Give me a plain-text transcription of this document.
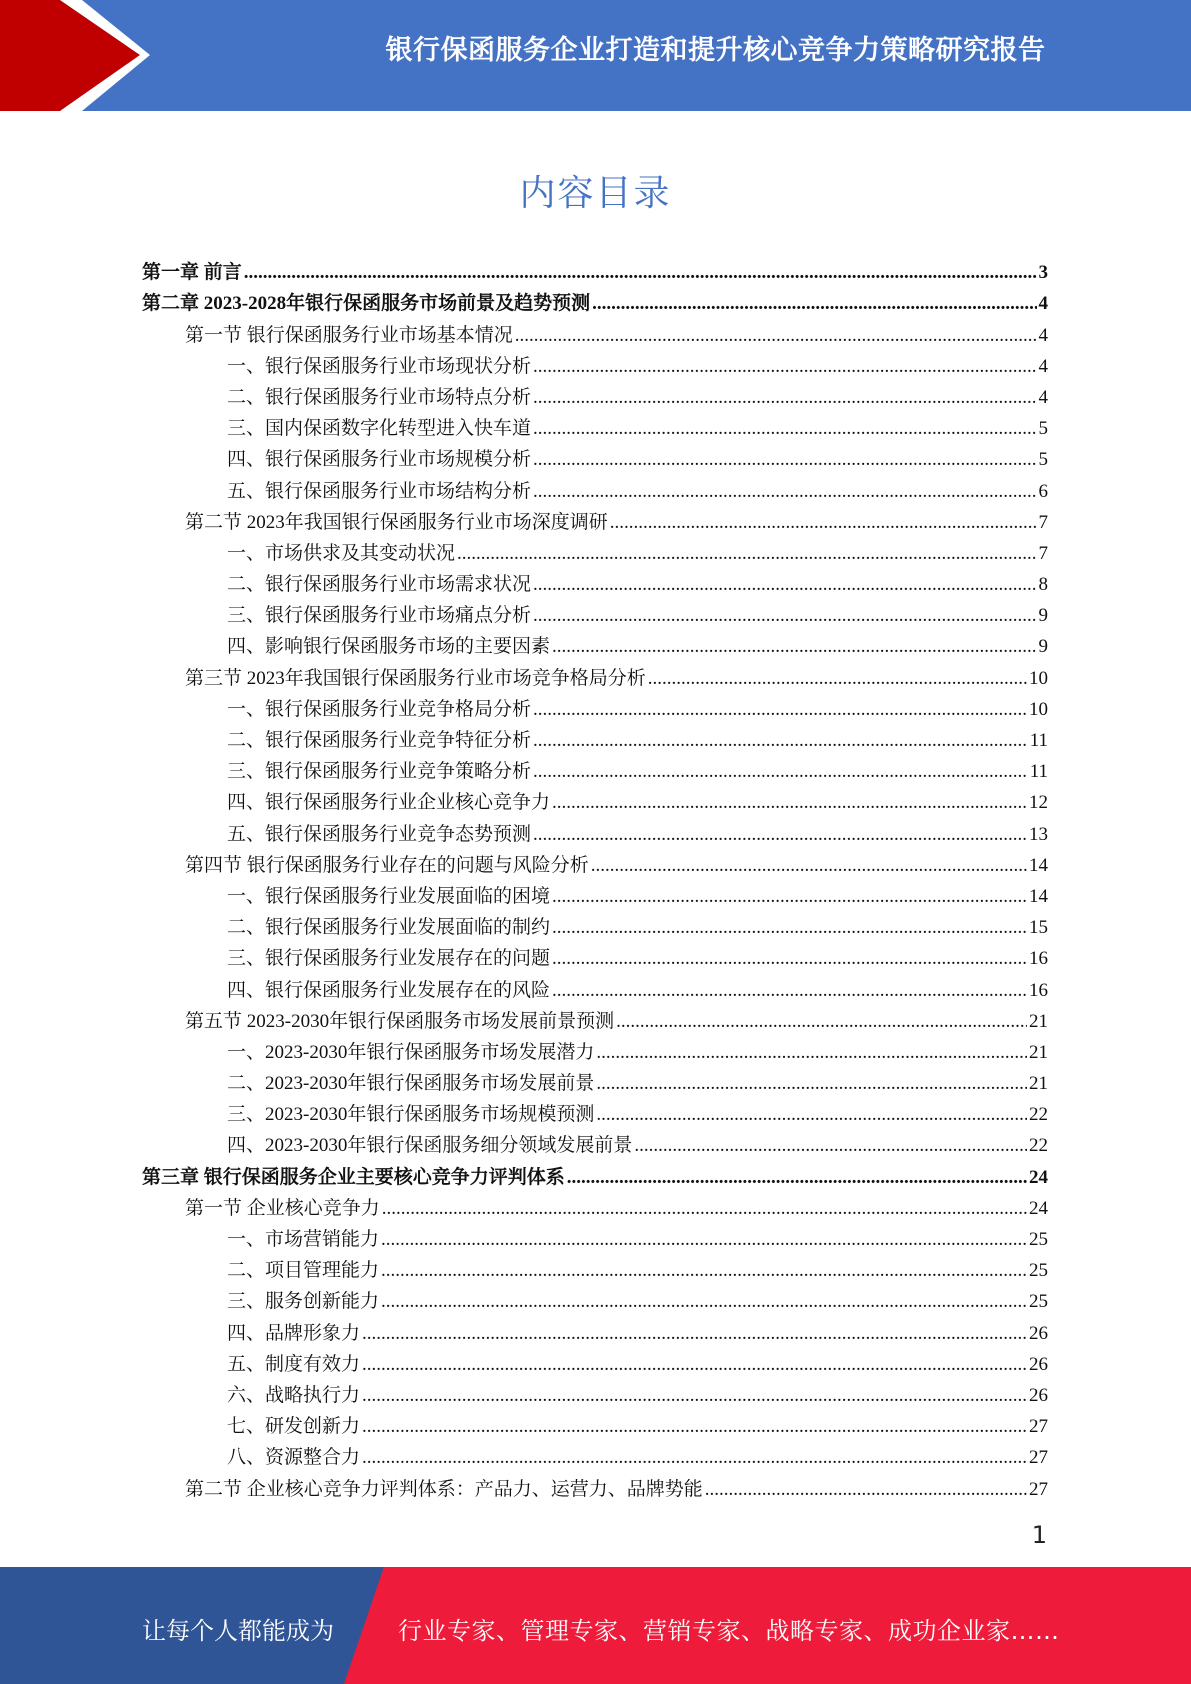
银行保函服务企业打造和提升核心竞争力策略研究报告
内容目录
第一章 前言 .....	3
第二章 2023-2028年银行保函服务市场前景及趋势预测 .....	4
第一节 银行保函服务行业市场基本情况 .....	4
一、银行保函服务行业市场现状分析 .....	4
二、银行保函服务行业市场特点分析 .....	4
三、国内保函数字化转型进入快车道 .....	5
四、银行保函服务行业市场规模分析 .....	5
五、银行保函服务行业市场结构分析 .....	6
第二节 2023年我国银行保函服务行业市场深度调研 .....	7
一、市场供求及其变动状况 .....	7
二、银行保函服务行业市场需求状况 .....	8
三、银行保函服务行业市场痛点分析 .....	9
四、影响银行保函服务市场的主要因素 .....	9
第三节 2023年我国银行保函服务行业市场竞争格局分析 .....	10
一、银行保函服务行业竞争格局分析 .....	10
二、银行保函服务行业竞争特征分析 .....	11
三、银行保函服务行业竞争策略分析 .....	11
四、银行保函服务行业企业核心竞争力 .....	12
五、银行保函服务行业竞争态势预测 .....	13
第四节 银行保函服务行业存在的问题与风险分析 .....	14
一、银行保函服务行业发展面临的困境 .....	14
二、银行保函服务行业发展面临的制约 .....	15
三、银行保函服务行业发展存在的问题 .....	16
四、银行保函服务行业发展存在的风险 .....	16
第五节 2023-2030年银行保函服务市场发展前景预测 .....	21
一、2023-2030年银行保函服务市场发展潜力 .....	21
二、2023-2030年银行保函服务市场发展前景 .....	21
三、2023-2030年银行保函服务市场规模预测 .....	22
四、2023-2030年银行保函服务细分领域发展前景 .....	22
第三章 银行保函服务企业主要核心竞争力评判体系 .....	24
第一节 企业核心竞争力 .....	24
一、市场营销能力 .....	25
二、项目管理能力 .....	25
三、服务创新能力 .....	25
四、品牌形象力 .....	26
五、制度有效力 .....	26
六、战略执行力 .....	26
七、研发创新力 .....	27
八、资源整合力 .....	27
第二节 企业核心竞争力评判体系：产品力、运营力、品牌势能 .....	27
1
让每个人都能成为	行业专家、管理专家、营销专家、战略专家、成功企业家……
